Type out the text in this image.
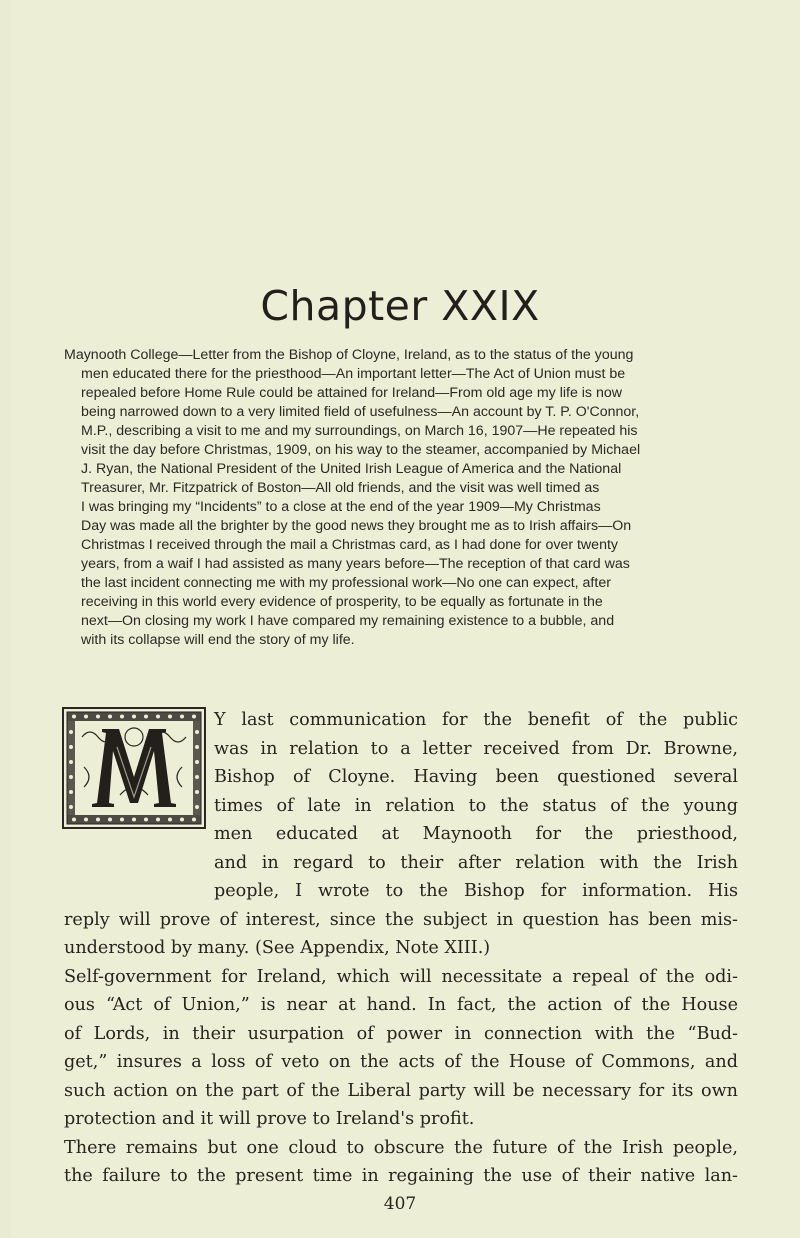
Chapter XXIX
Maynooth College—Letter from the Bishop of Cloyne, Ireland, as to the status of the young
men educated there for the priesthood—An important letter—The Act of Union must be
repealed before Home Rule could be attained for Ireland—From old age my life is now
being narrowed down to a very limited field of usefulness—An account by T. P. O'Connor,
M.P., describing a visit to me and my surroundings, on March 16, 1907—He repeated his
visit the day before Christmas, 1909, on his way to the steamer, accompanied by Michael
J. Ryan, the National President of the United Irish League of America and the National
Treasurer, Mr. Fitzpatrick of Boston—All old friends, and the visit was well timed as
I was bringing my “Incidents” to a close at the end of the year 1909—My Christmas
Day was made all the brighter by the good news they brought me as to Irish affairs—On
Christmas I received through the mail a Christmas card, as I had done for over twenty
years, from a waif I had assisted as many years before—The reception of that card was
the last incident connecting me with my professional work—No one can expect, after
receiving in this world every evidence of prosperity, to be equally as fortunate in the
next—On closing my work I have compared my remaining existence to a bubble, and
with its collapse will end the story of my life.
Y last communication for the benefit of the public
was in relation to a letter received from Dr. Browne,
Bishop of Cloyne. Having been questioned several
times of late in relation to the status of the young
men educated at Maynooth for the priesthood,
and in regard to their after relation with the Irish
people, I wrote to the Bishop for information. His
reply will prove of interest, since the subject in question has been mis-
understood by many. (See Appendix, Note XIII.)
Self-government for Ireland, which will necessitate a repeal of the odi-
ous “Act of Union,” is near at hand. In fact, the action of the House
of Lords, in their usurpation of power in connection with the “Bud-
get,” insures a loss of veto on the acts of the House of Commons, and
such action on the part of the Liberal party will be necessary for its own
protection and it will prove to Ireland's profit.
There remains but one cloud to obscure the future of the Irish people,
the failure to the present time in regaining the use of their native lan-
407
